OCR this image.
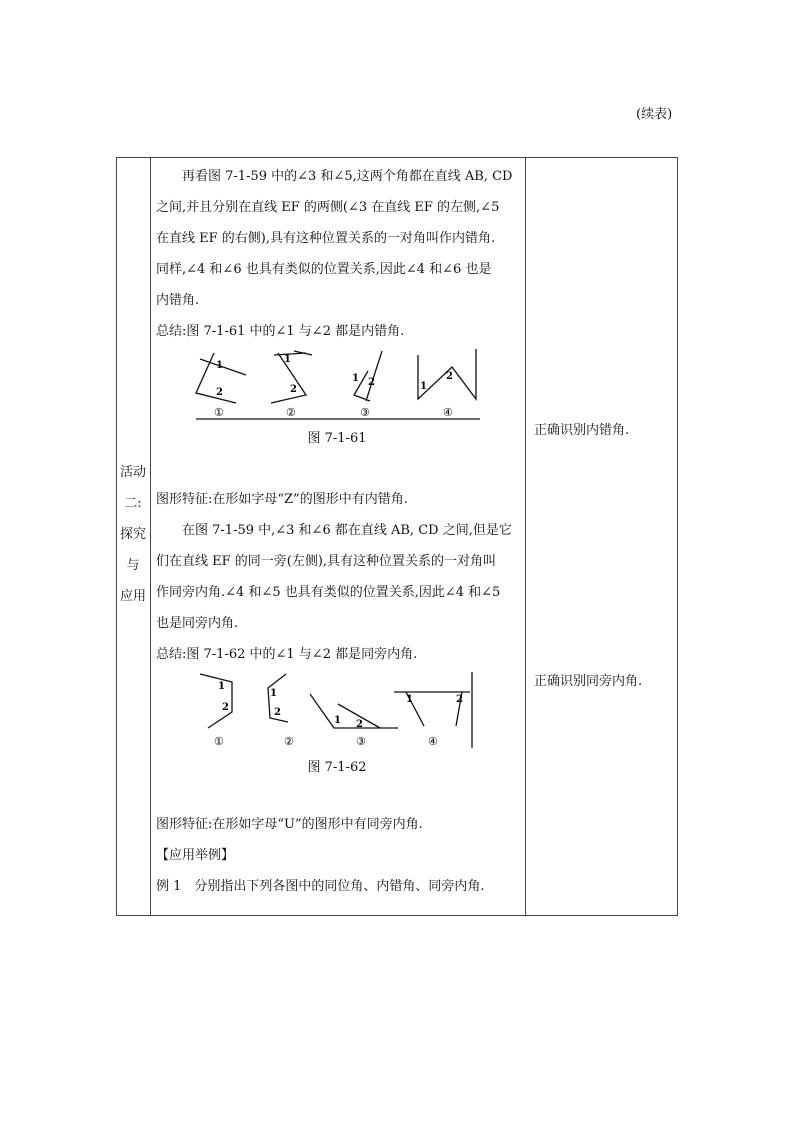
(续表)
活动
二:
探究
与
应用

再看图 7-1-59 中的∠3 和∠5,这两个角都在直线 AB, CD

之间,并且分别在直线 EF 的两侧(∠3 在直线 EF 的左侧,∠5

在直线 EF 的右侧),具有这种位置关系的一对角叫作内错角.

同样,∠4 和∠6 也具有类似的位置关系,因此∠4 和∠6 也是

内错角.

总结:图 7-1-61 中的∠1 与∠2 都是内错角.

1
2
1
2
1 2	1
2
①	②	③	④

图 7-1-61

图形特征:在形如字母“Z”的图形中有内错角.

在图 7-1-59 中,∠3 和∠6 都在直线 AB, CD 之间,但是它

们在直线 EF 的同一旁(左侧),具有这种位置关系的一对角叫

作同旁内角.∠4 和∠5 也具有类似的位置关系,因此∠4 和∠5

也是同旁内角.

总结:图 7-1-62 中的∠1 与∠2 都是同旁内角.

1
2
1
2
1 2
1	2
①	②	③	④

图 7-1-62

图形特征:在形如字母“U”的图形中有同旁内角.

【应用举例】

例 1　分别指出下列各图中的同位角、内错角、同旁内角.

正确识别内错角.
正确识别同旁内角.
